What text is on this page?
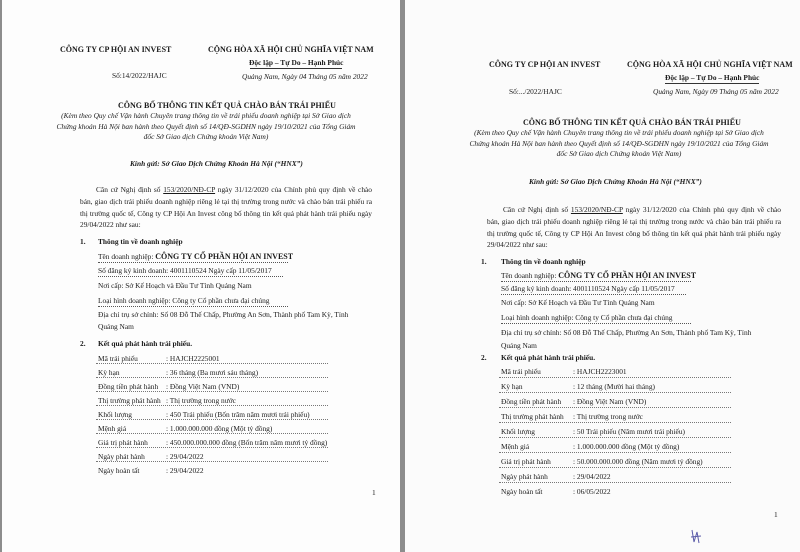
CÔNG TY CP HỘI AN INVEST	CỘNG HÒA XÃ HỘI CHỦ NGHĨA VIỆT NAM
Độc lập – Tự Do – Hạnh Phúc
Số:14/2022/HAJC	Quảng Nam, Ngày 04 Tháng 05 năm 2022
CÔNG BỐ THÔNG TIN KẾT QUẢ CHÀO BÁN TRÁI PHIẾU
(Kèm theo Quy chế Vận hành Chuyên trang thông tin về trái phiếu doanh nghiệp tại Sở Giao dịch Chứng khoán Hà Nội ban hành theo Quyết định số 14/QĐ-SGDHN ngày 19/10/2021 của Tổng Giám đốc Sở Giao dịch Chứng khoán Việt Nam)
Kính gửi: Sở Giao Dịch Chứng Khoán Hà Nội (“HNX”)
Căn cứ Nghị định số 153/2020/NĐ-CP ngày 31/12/2020 của Chính phủ quy định về chào bán, giao dịch trái phiếu doanh nghiệp riêng lẻ tại thị trường trong nước và chào bán trái phiếu ra thị trường quốc tế, Công ty CP Hội An Invest công bố thông tin kết quả phát hành trái phiếu ngày 29/04/2022 như sau:
1. Thông tin về doanh nghiệp
Tên doanh nghiệp: CÔNG TY CỔ PHẦN HỘI AN INVEST
Số đăng ký kinh doanh: 4001110524 Ngày cấp 11/05/2017
Nơi cấp: Sở Kế Hoạch và Đầu Tư Tỉnh Quảng Nam
Loại hình doanh nghiệp: Công ty Cổ phần chưa đại chúng
Địa chỉ trụ sở chính: Số 08 Đỗ Thế Chấp, Phường An Sơn, Thành phố Tam Kỳ, Tỉnh
Quảng Nam
2. Kết quả phát hành trái phiếu.
Mã trái phiếu	: HAJCH2225001
Kỳ hạn	: 36 tháng (Ba mươi sáu tháng)
Đồng tiền phát hành : Đồng Việt Nam (VND)
Thị trường phát hành : Thị trường trong nước
Khối lượng	: 450 Trái phiếu (Bốn trăm năm mươi trái phiếu)
Mệnh giá	: 1.000.000.000 đồng (Một tỷ đồng)
Giá trị phát hành : 450.000.000.000 đồng (Bốn trăm năm mươi tỷ đồng)
Ngày phát hành	: 29/04/2022
Ngày hoàn tất	: 29/04/2022
1
CÔNG TY CP HỘI AN INVEST	CỘNG HÒA XÃ HỘI CHỦ NGHĨA VIỆT NAM
Độc lập – Tự Do – Hạnh Phúc
Số:.../2022/HAJC	Quảng Nam, Ngày 09 Tháng 05 năm 2022
CÔNG BỐ THÔNG TIN KẾT QUẢ CHÀO BÁN TRÁI PHIẾU
(Kèm theo Quy chế Vận hành Chuyên trang thông tin về trái phiếu doanh nghiệp tại Sở Giao dịch Chứng khoán Hà Nội ban hành theo Quyết định số 14/QĐ-SGDHN ngày 19/10/2021 của Tổng Giám đốc Sở Giao dịch Chứng khoán Việt Nam)
Kính gửi: Sở Giao Dịch Chứng Khoán Hà Nội (“HNX”)
Căn cứ Nghị định số 153/2020/NĐ-CP ngày 31/12/2020 của Chính phủ quy định về chào bán, giao dịch trái phiếu doanh nghiệp riêng lẻ tại thị trường trong nước và chào bán trái phiếu ra thị trường quốc tế, Công ty CP Hội An Invest công bố thông tin kết quả phát hành trái phiếu ngày 29/04/2022 như sau:
1. Thông tin về doanh nghiệp
Tên doanh nghiệp: CÔNG TY CỔ PHẦN HỘI AN INVEST
Số đăng ký kinh doanh: 4001110524 Ngày cấp 11/05/2017
Nơi cấp: Sở Kế Hoạch và Đầu Tư Tỉnh Quảng Nam
Loại hình doanh nghiệp: Công ty Cổ phần chưa đại chúng
Địa chỉ trụ sở chính: Số 08 Đỗ Thế Chấp, Phường An Sơn, Thành phố Tam Kỳ, Tỉnh
Quảng Nam
2. Kết quả phát hành trái phiếu.
Mã trái phiếu	: HAJCH2223001
Kỳ hạn	: 12 tháng (Mười hai tháng)
Đồng tiền phát hành : Đồng Việt Nam (VND)
Thị trường phát hành : Thị trường trong nước
Khối lượng	: 50 Trái phiếu (Năm mươi trái phiếu)
Mệnh giá	: 1.000.000.000 đồng (Một tỷ đồng)
Giá trị phát hành	: 50.000.000.000 đồng (Năm mươi tỷ đồng)
Ngày phát hành	: 29/04/2022
Ngày hoàn tất	: 06/05/2022
1
